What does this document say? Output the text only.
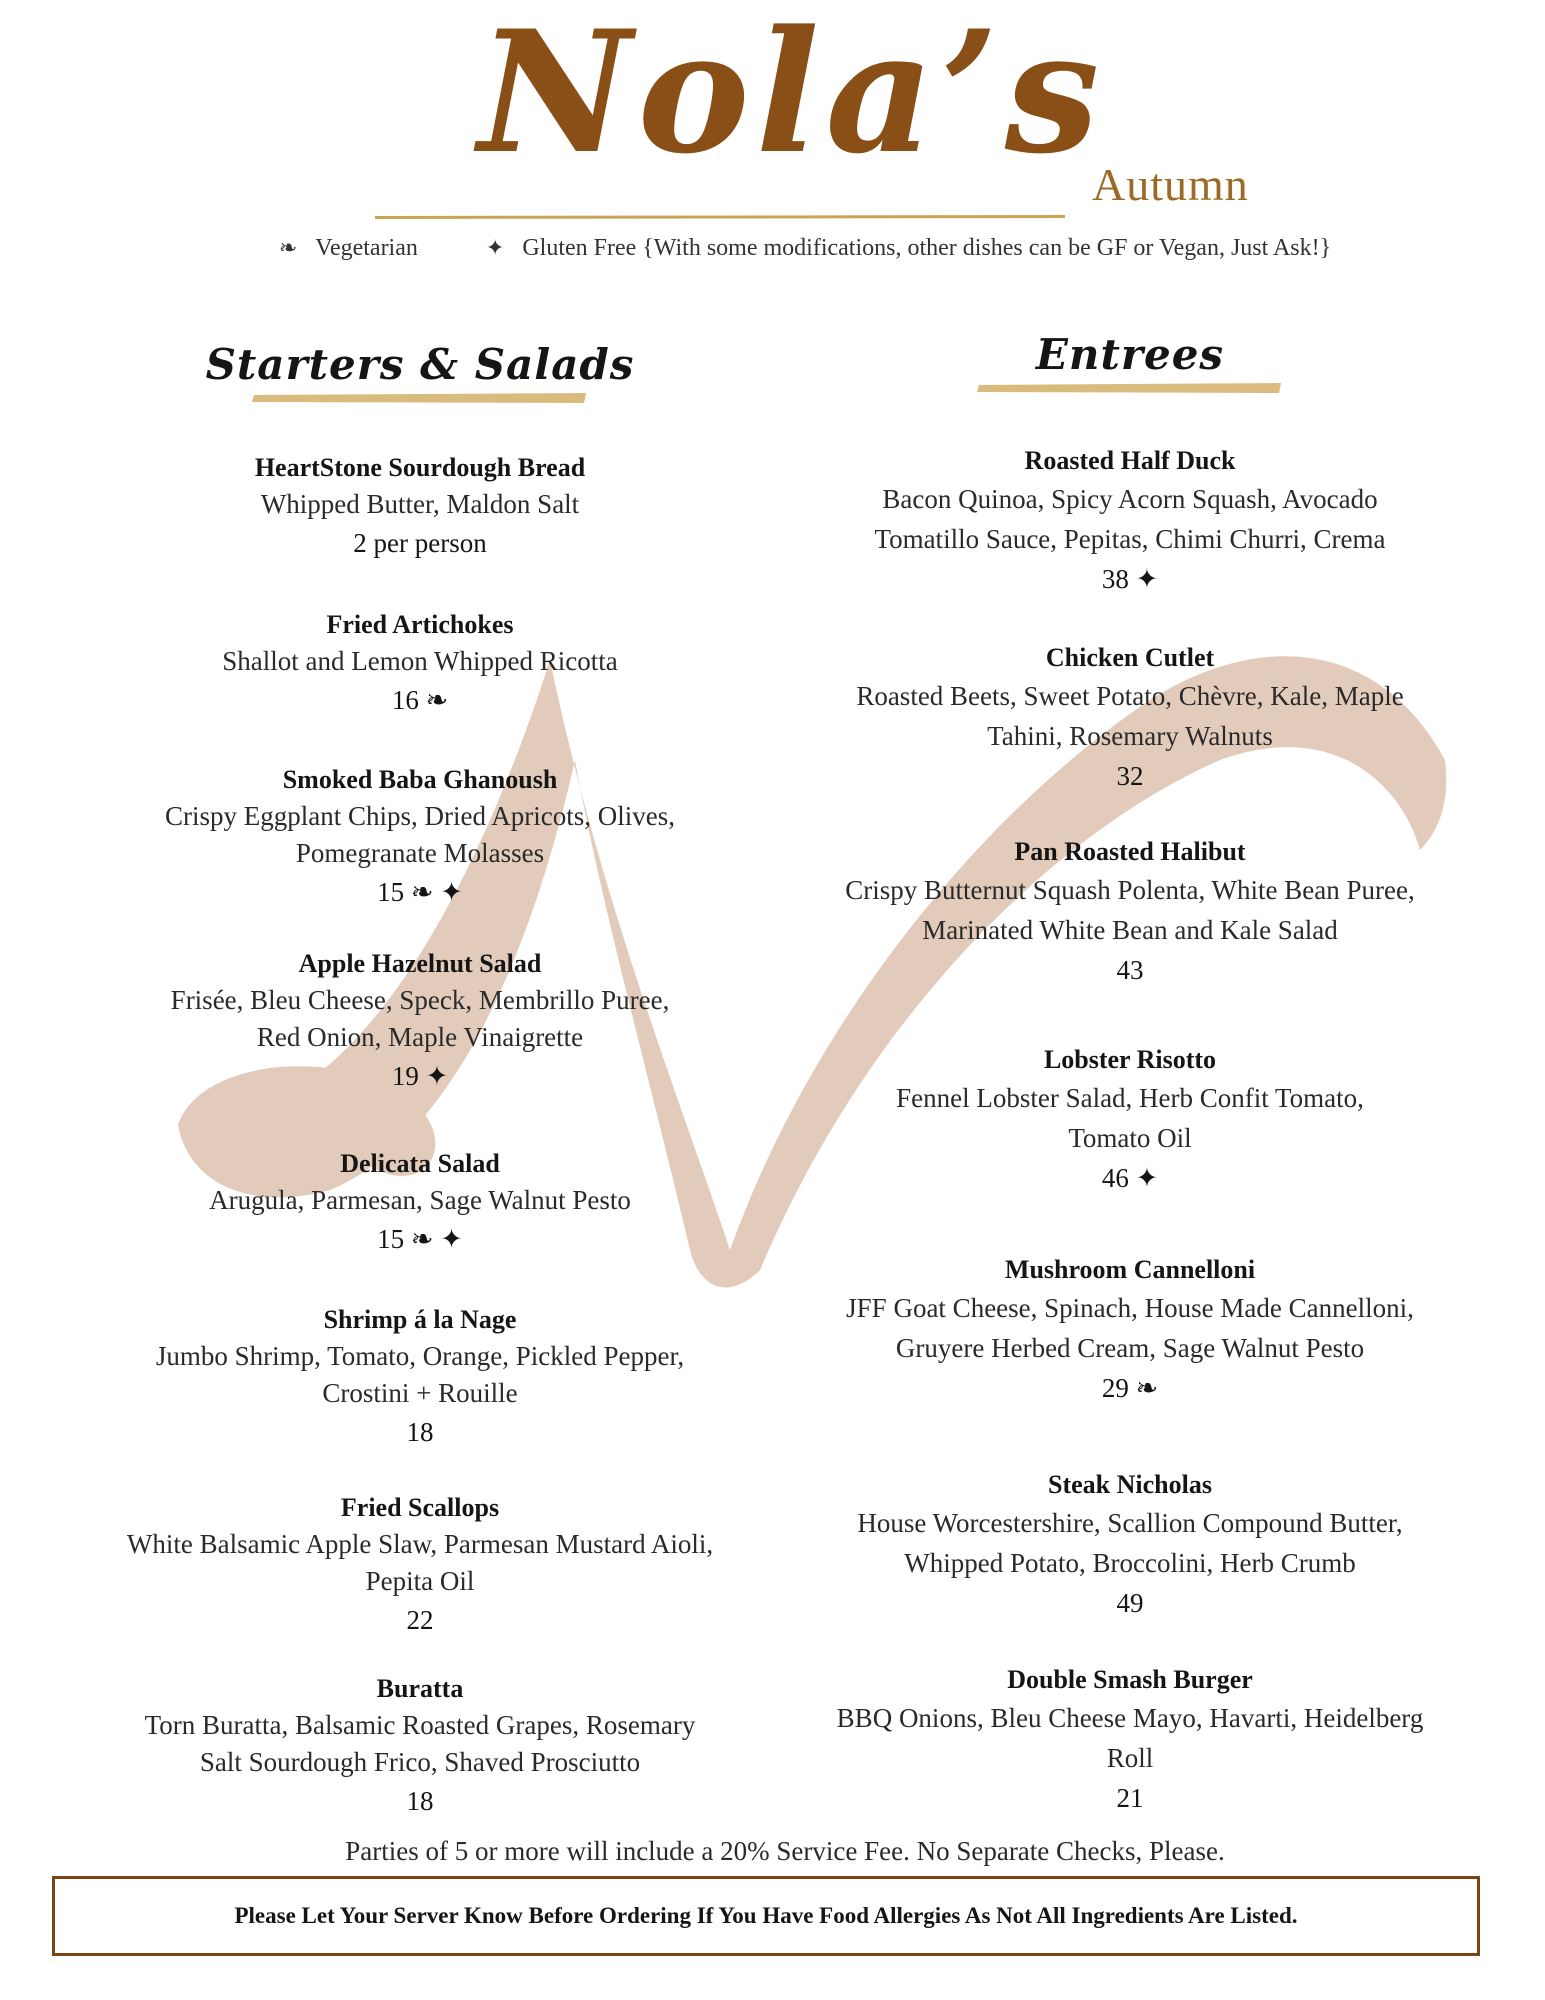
Nola’s
Autumn
❧ Vegetarian	✦ Gluten Free {With some modifications, other dishes can be GF or Vegan, Just Ask!}
Starters & Salads
HeartStone Sourdough Bread
Whipped Butter, Maldon Salt
2 per person
Fried Artichokes
Shallot and Lemon Whipped Ricotta
16 ❧
Smoked Baba Ghanoush
Crispy Eggplant Chips, Dried Apricots, Olives,
Pomegranate Molasses
15 ❧ ✦
Apple Hazelnut Salad
Frisée, Bleu Cheese, Speck, Membrillo Puree,
Red Onion, Maple Vinaigrette
19 ✦
Delicata Salad
Arugula, Parmesan, Sage Walnut Pesto
15 ❧ ✦
Shrimp á la Nage
Jumbo Shrimp, Tomato, Orange, Pickled Pepper,
Crostini + Rouille
18
Fried Scallops
White Balsamic Apple Slaw, Parmesan Mustard Aioli,
Pepita Oil
22
Buratta
Torn Buratta, Balsamic Roasted Grapes, Rosemary
Salt Sourdough Frico, Shaved Prosciutto
18
Entrees
Roasted Half Duck
Bacon Quinoa, Spicy Acorn Squash, Avocado
Tomatillo Sauce, Pepitas, Chimi Churri, Crema
38 ✦
Chicken Cutlet
Roasted Beets, Sweet Potato, Chèvre, Kale, Maple
Tahini, Rosemary Walnuts
32
Pan Roasted Halibut
Crispy Butternut Squash Polenta, White Bean Puree,
Marinated White Bean and Kale Salad
43
Lobster Risotto
Fennel Lobster Salad, Herb Confit Tomato,
Tomato Oil
46 ✦
Mushroom Cannelloni
JFF Goat Cheese, Spinach, House Made Cannelloni,
Gruyere Herbed Cream, Sage Walnut Pesto
29 ❧
Steak Nicholas
House Worcestershire, Scallion Compound Butter,
Whipped Potato, Broccolini, Herb Crumb
49
Double Smash Burger
BBQ Onions, Bleu Cheese Mayo, Havarti, Heidelberg
Roll
21
Parties of 5 or more will include a 20% Service Fee. No Separate Checks, Please.
Please Let Your Server Know Before Ordering If You Have Food Allergies As Not All Ingredients Are Listed.
